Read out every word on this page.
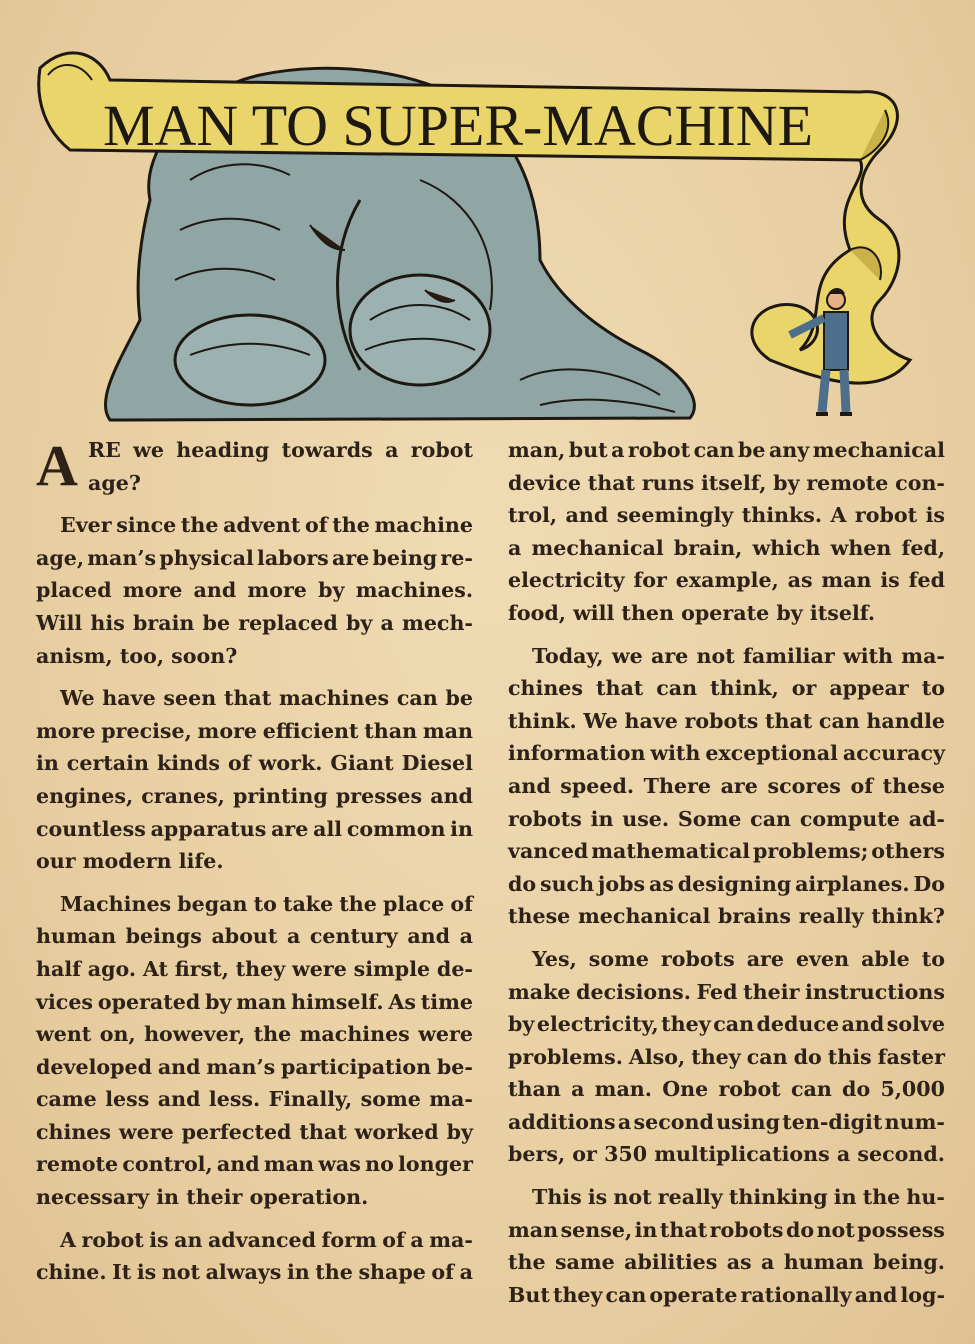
MAN TO SUPER-MACHINE
A RE we heading towards a robot
age?
Ever since the advent of the machine
age, man’s physical labors are being re-
placed more and more by machines.
Will his brain be replaced by a mech-
anism, too, soon?
We have seen that machines can be
more precise, more efficient than man
in certain kinds of work. Giant Diesel
engines, cranes, printing presses and
countless apparatus are all common in
our modern life.
Machines began to take the place of
human beings about a century and a
half ago. At first, they were simple de-
vices operated by man himself. As time
went on, however, the machines were
developed and man’s participation be-
came less and less. Finally, some ma-
chines were perfected that worked by
remote control, and man was no longer
necessary in their operation.
A robot is an advanced form of a ma-
chine. It is not always in the shape of a
man, but a robot can be any mechanical
device that runs itself, by remote con-
trol, and seemingly thinks. A robot is
a mechanical brain, which when fed,
electricity for example, as man is fed
food, will then operate by itself.
Today, we are not familiar with ma-
chines that can think, or appear to
think. We have robots that can handle
information with exceptional accuracy
and speed. There are scores of these
robots in use. Some can compute ad-
vanced mathematical problems; others
do such jobs as designing airplanes. Do
these mechanical brains really think?
Yes, some robots are even able to
make decisions. Fed their instructions
by electricity, they can deduce and solve
problems. Also, they can do this faster
than a man. One robot can do 5,000
additions a second using ten-digit num-
bers, or 350 multiplications a second.
This is not really thinking in the hu-
man sense, in that robots do not possess
the same abilities as a human being.
But they can operate rationally and log-
